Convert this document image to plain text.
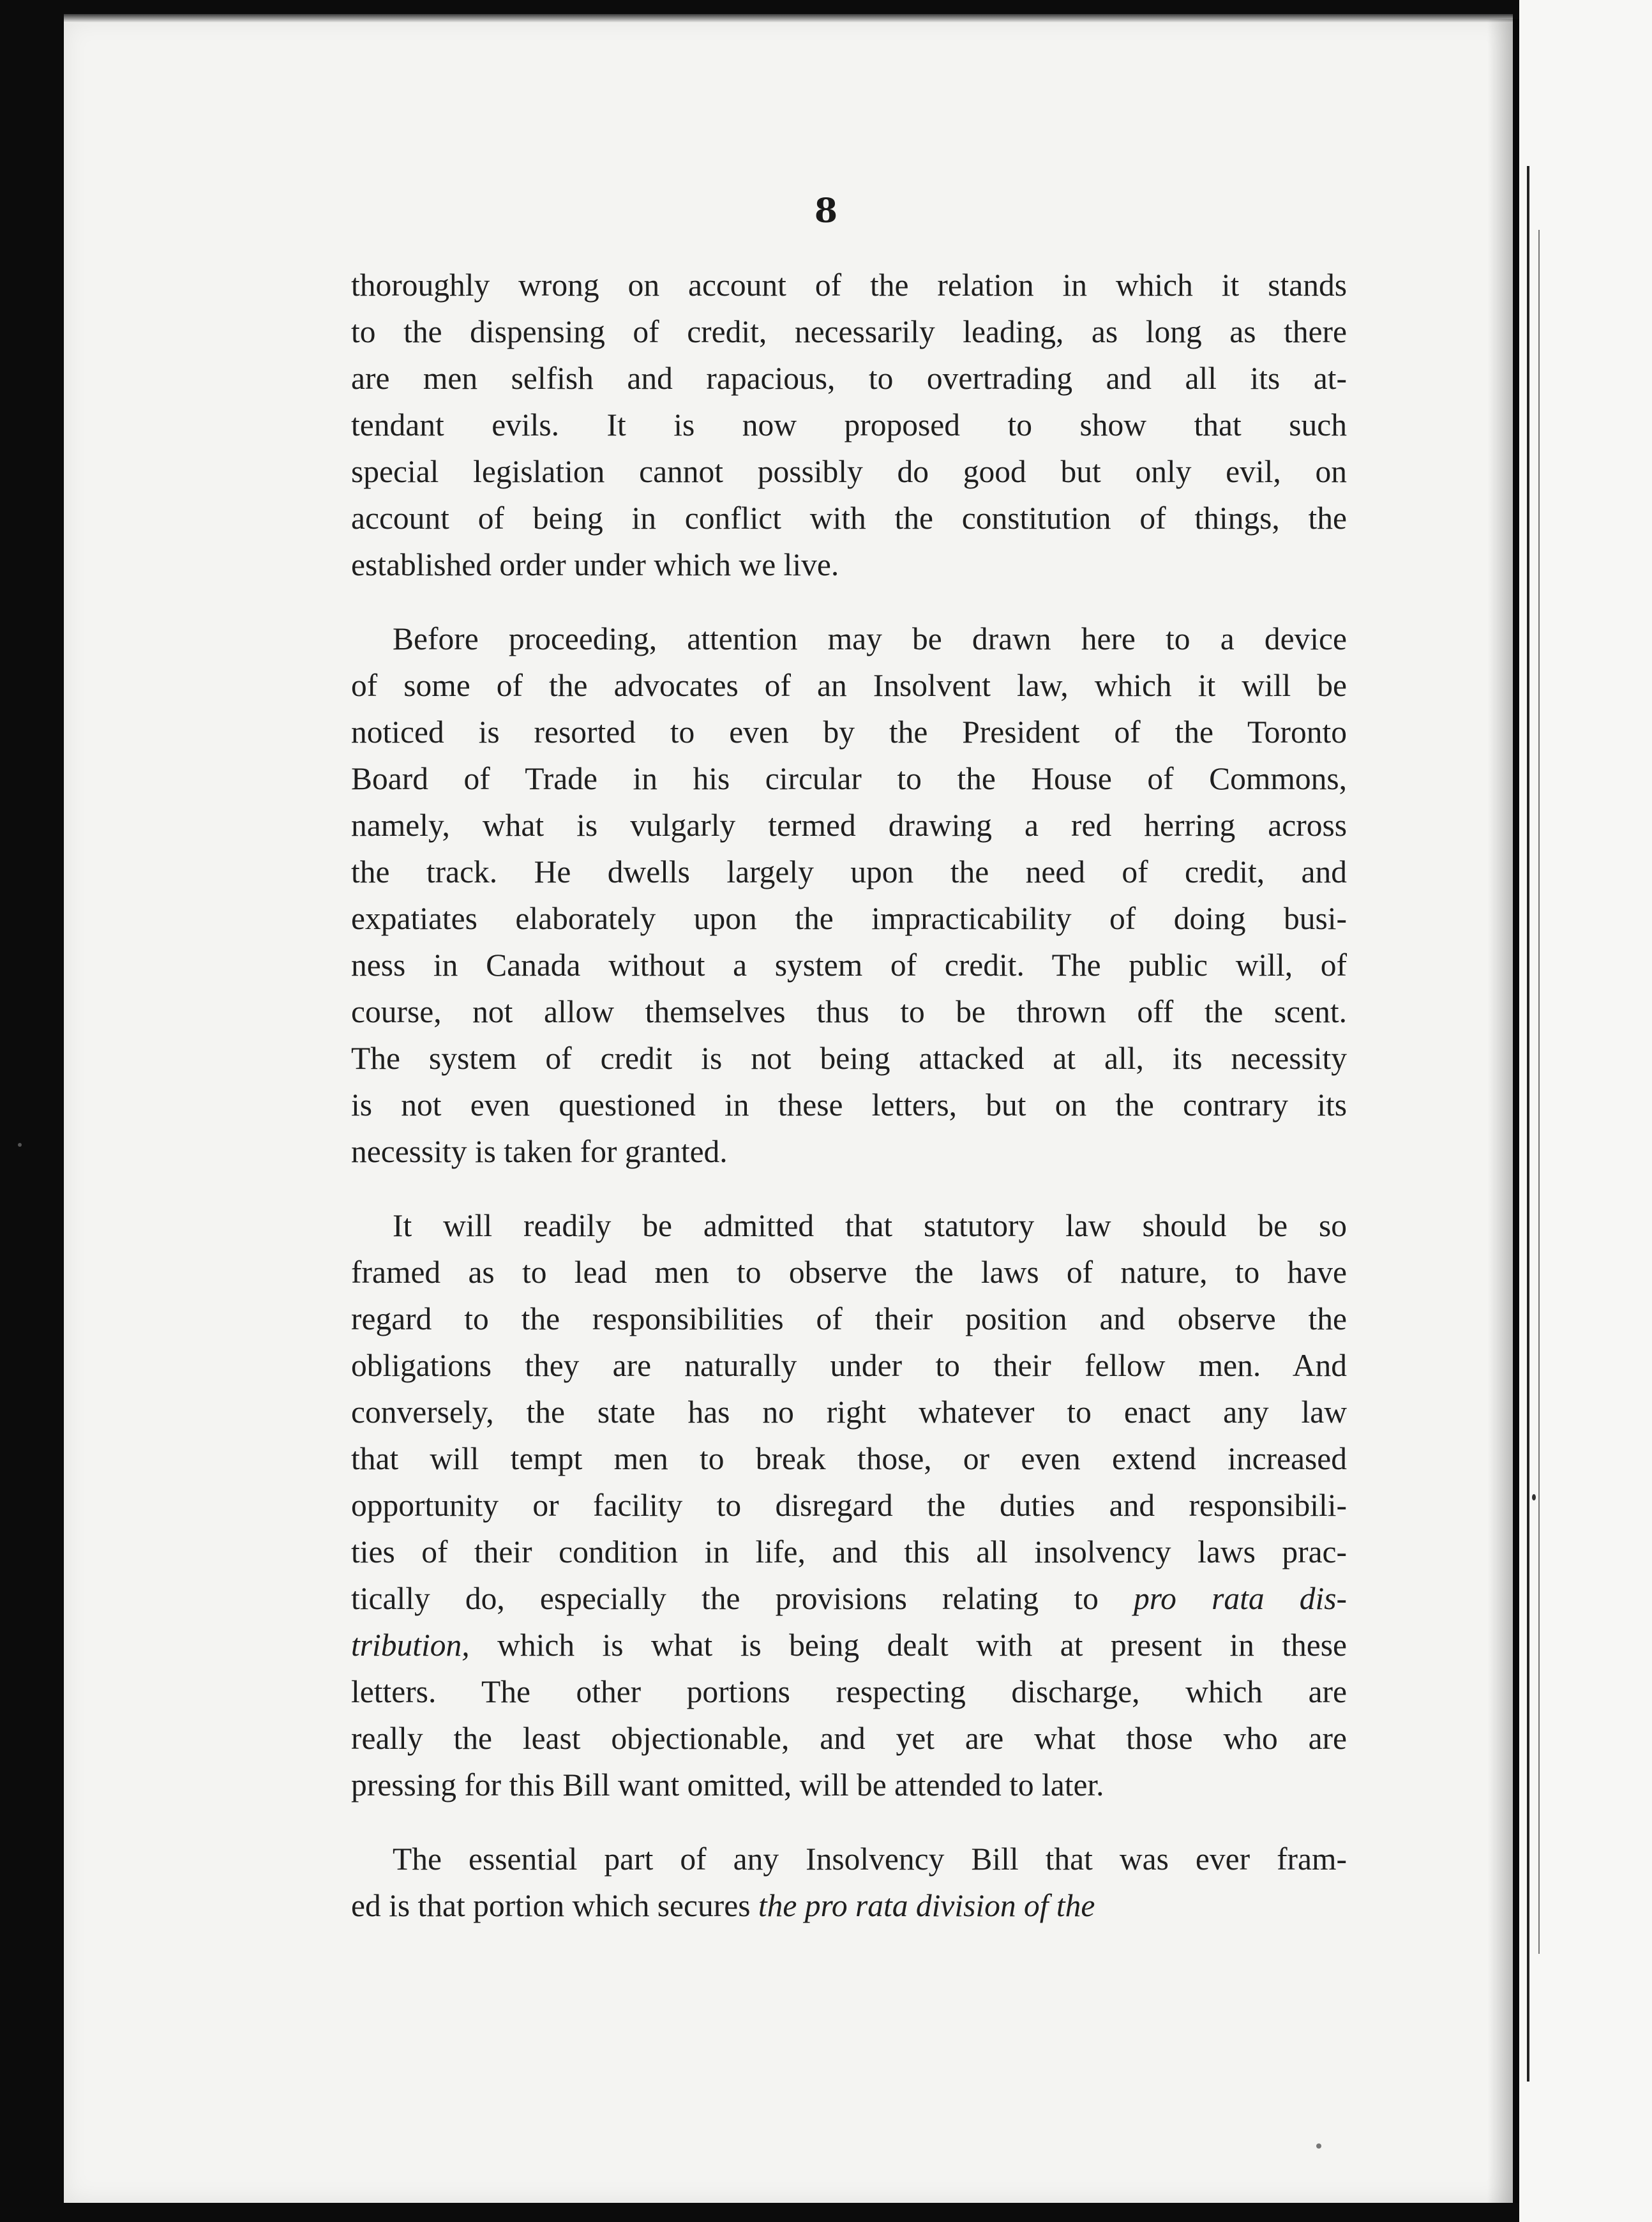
8
thoroughly wrong on account of the relation in which it stands
to the dispensing of credit, necessarily leading, as long as there
are men selfish and rapacious, to overtrading and all its at-
tendant evils. It is now proposed to show that such
special legislation cannot possibly do good but only evil, on
account of being in conflict with the constitution of things, the
established order under which we live.
Before proceeding, attention may be drawn here to a device
of some of the advocates of an Insolvent law, which it will be
noticed is resorted to even by the President of the Toronto
Board of Trade in his circular to the House of Commons,
namely, what is vulgarly termed drawing a red herring across
the track. He dwells largely upon the need of credit, and
expatiates elaborately upon the impracticability of doing busi-
ness in Canada without a system of credit. The public will, of
course, not allow themselves thus to be thrown off the scent.
The system of credit is not being attacked at all, its necessity
is not even questioned in these letters, but on the contrary its
necessity is taken for granted.
It will readily be admitted that statutory law should be so
framed as to lead men to observe the laws of nature, to have
regard to the responsibilities of their position and observe the
obligations they are naturally under to their fellow men. And
conversely, the state has no right whatever to enact any law
that will tempt men to break those, or even extend increased
opportunity or facility to disregard the duties and responsibili-
ties of their condition in life, and this all insolvency laws prac-
tically do, especially the provisions relating to pro rata dis-
tribution, which is what is being dealt with at present in these
letters. The other portions respecting discharge, which are
really the least objectionable, and yet are what those who are
pressing for this Bill want omitted, will be attended to later.
The essential part of any Insolvency Bill that was ever fram-
ed is that portion which secures the pro rata division of the
